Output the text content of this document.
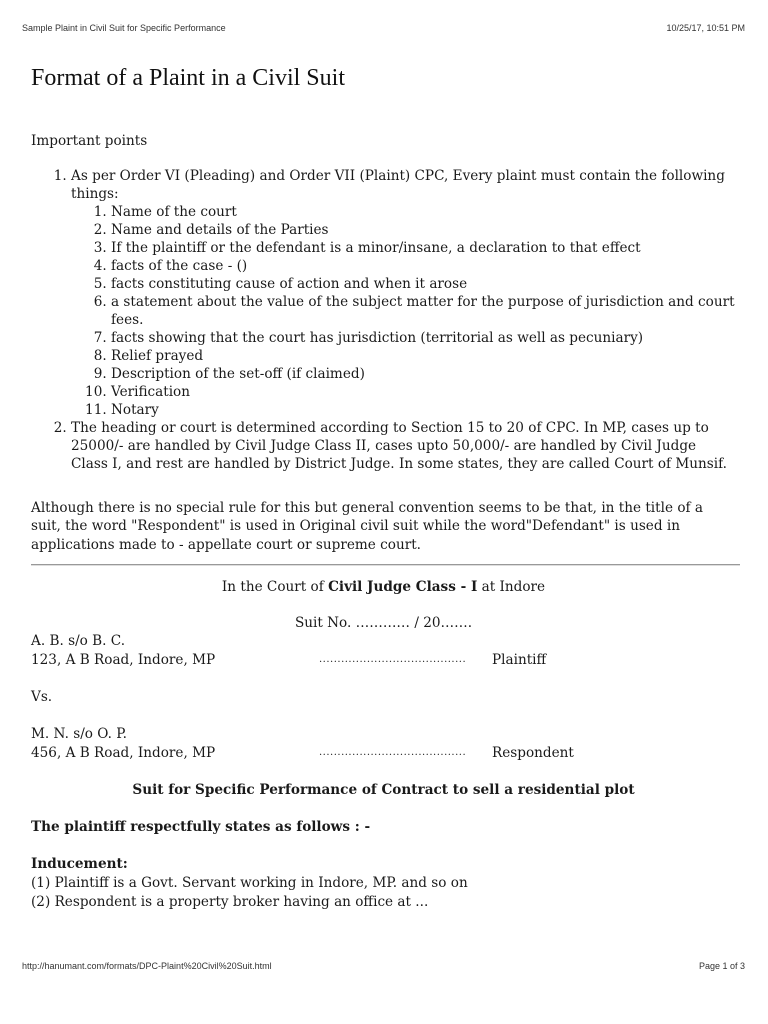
Sample Plaint in Civil Suit for Specific Performance	10/25/17, 10:51 PM
Format of a Plaint in a Civil Suit
Important points
1. As per Order VI (Pleading) and Order VII (Plaint) CPC, Every plaint must contain the following things:
1. Name of the court
2. Name and details of the Parties
3. If the plaintiff or the defendant is a minor/insane, a declaration to that effect
4. facts of the case - ()
5. facts constituting cause of action and when it arose
6. a statement about the value of the subject matter for the purpose of jurisdiction and court fees.
7. facts showing that the court has jurisdiction (territorial as well as pecuniary)
8. Relief prayed
9. Description of the set-off (if claimed)
10. Verification
11. Notary
2. The heading or court is determined according to Section 15 to 20 of CPC. In MP, cases up to 25000/- are handled by Civil Judge Class II, cases upto 50,000/- are handled by Civil Judge Class I, and rest are handled by District Judge. In some states, they are called Court of Munsif.
Although there is no special rule for this but general convention seems to be that, in the title of a suit, the word "Respondent" is used in Original civil suit while the word"Defendant" is used in applications made to - appellate court or supreme court.
In the Court of Civil Judge Class - I at Indore
Suit No. ………… / 20…….
A. B. s/o B. C.
123, A B Road, Indore, MP	........................................ Plaintiff
Vs.
M. N. s/o O. P.
456, A B Road, Indore, MP	........................................ Respondent
Suit for Specific Performance of Contract to sell a residential plot
The plaintiff respectfully states as follows : -
Inducement:
(1) Plaintiff is a Govt. Servant working in Indore, MP. and so on
(2) Respondent is a property broker having an office at ...
http://hanumant.com/formats/DPC-Plaint%20Civil%20Suit.html	Page 1 of 3
